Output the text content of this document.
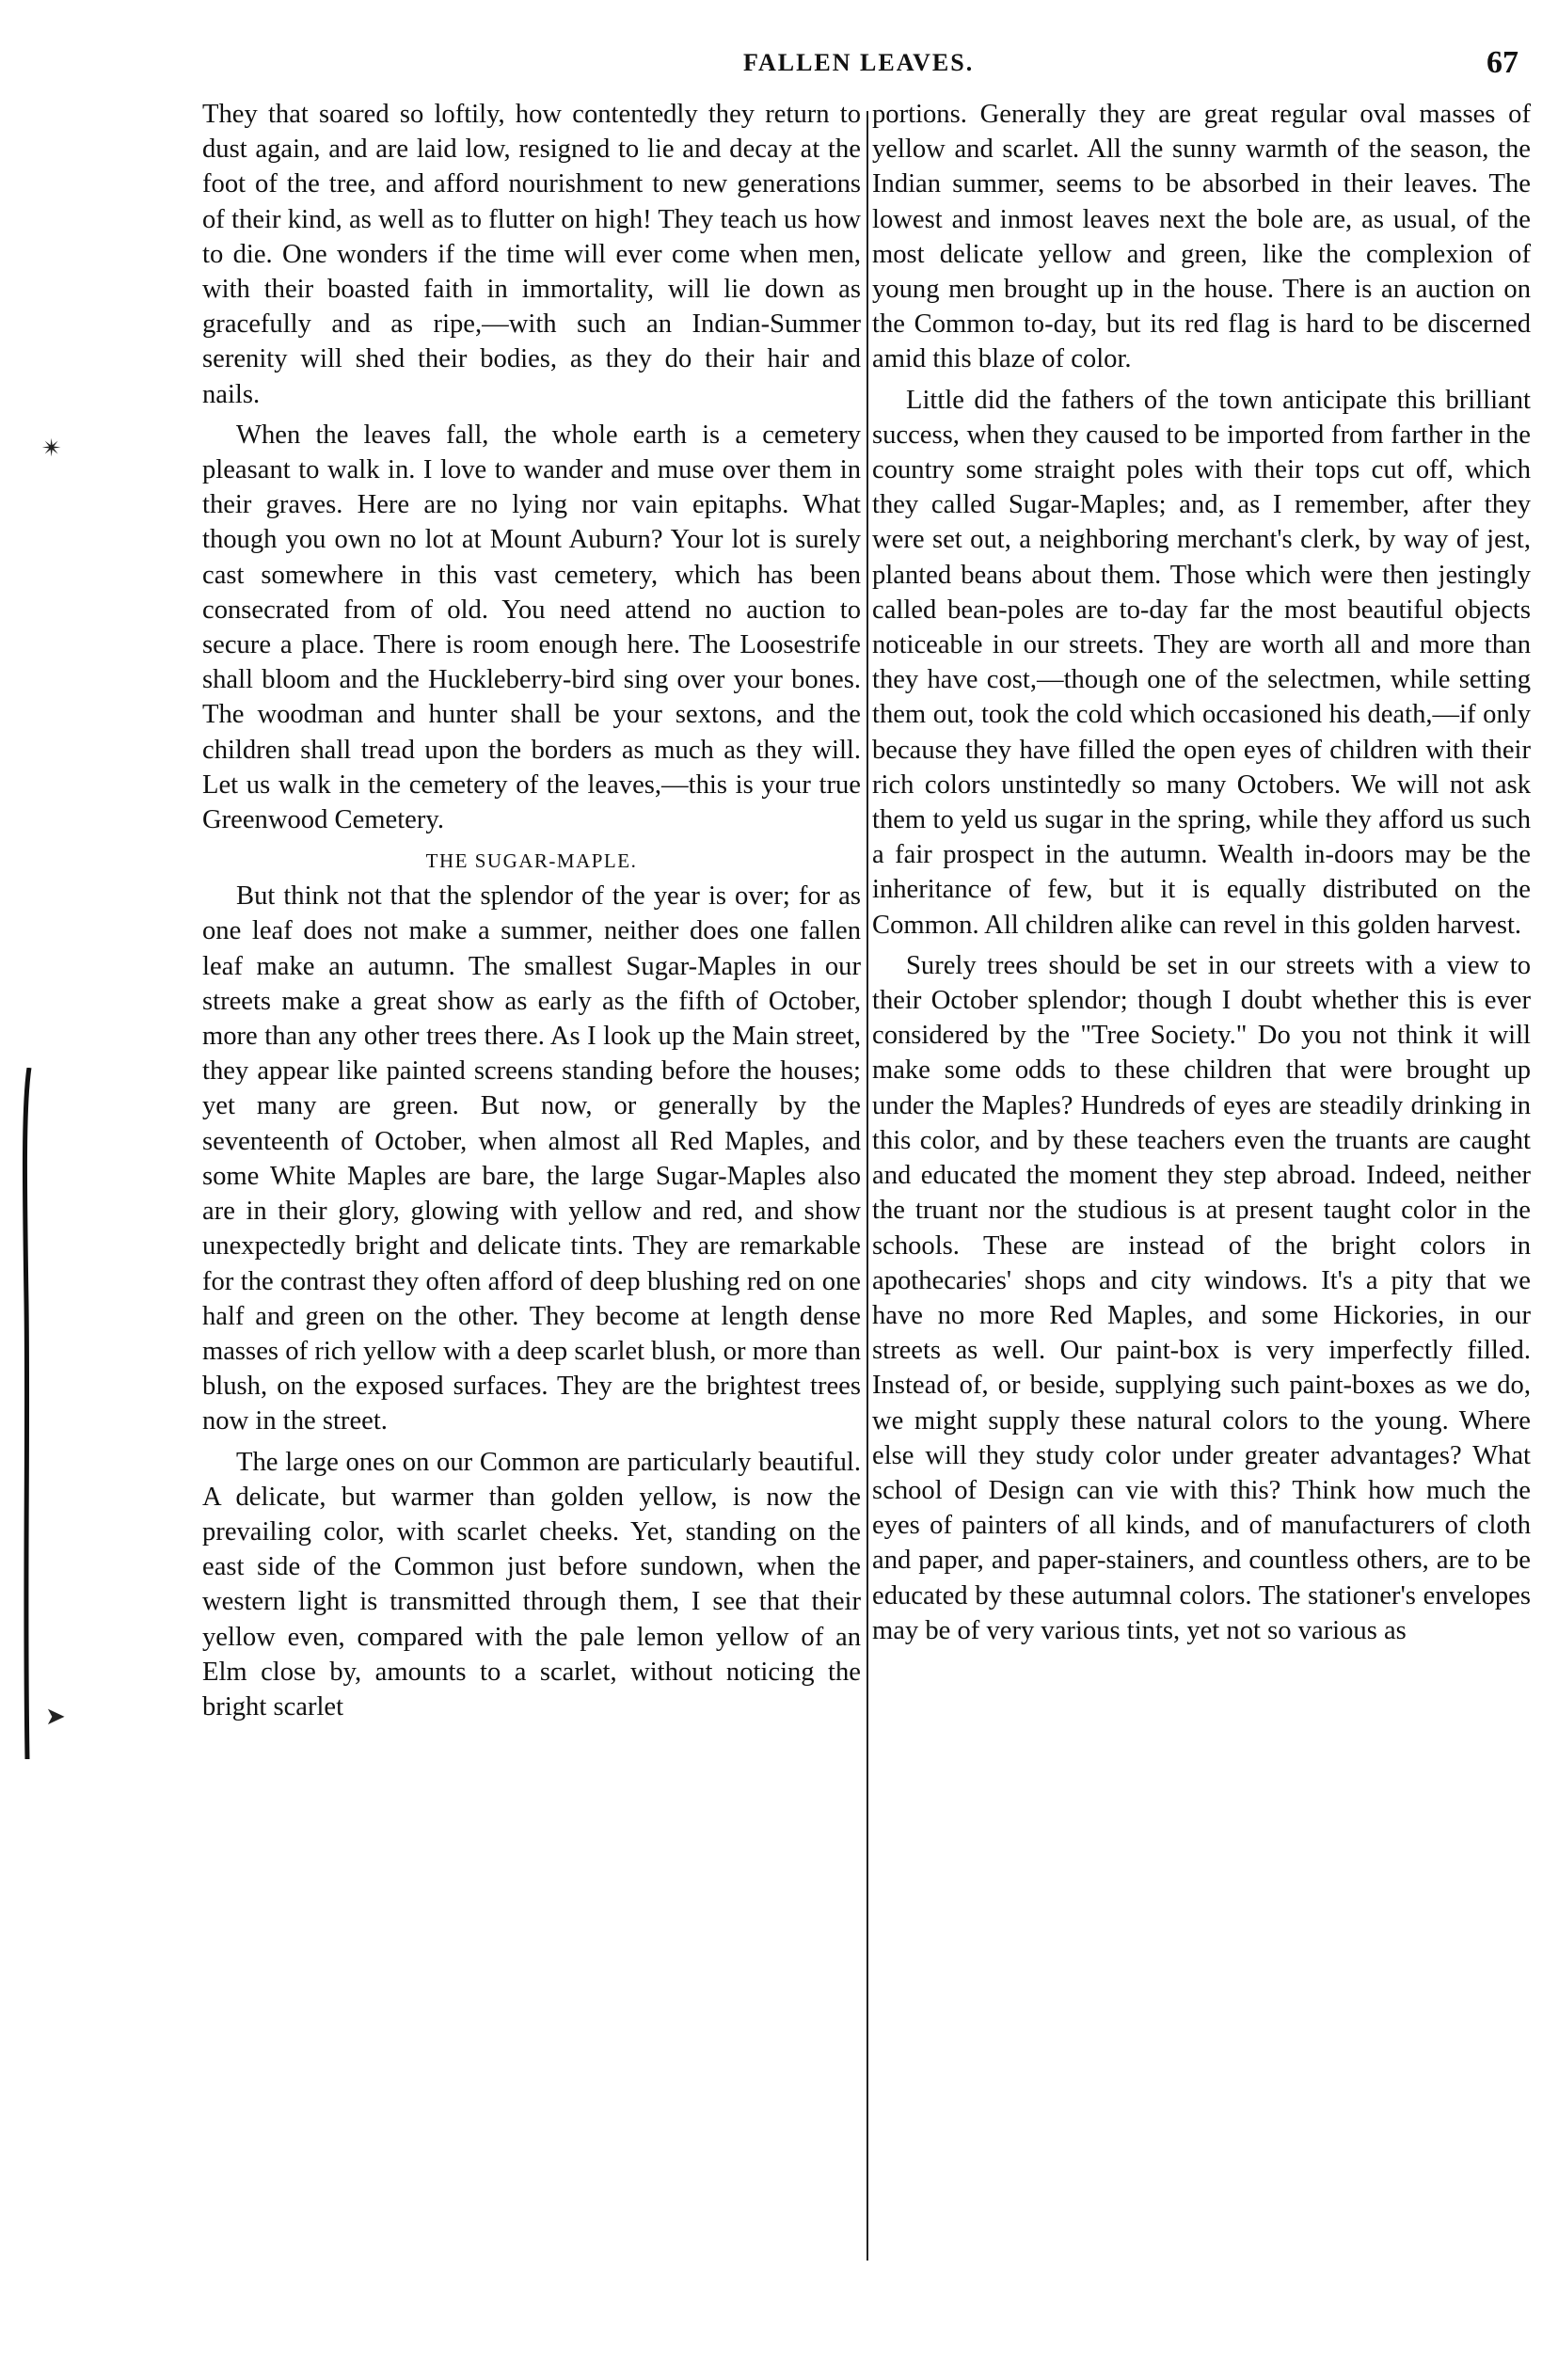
FALLEN LEAVES.	67

They that soared so loftily, how contentedly they return to dust again, and are laid low, resigned to lie and decay at the foot of the tree, and afford nourishment to new generations of their kind, as well as to flutter on high! They teach us how to die. One wonders if the time will ever come when men, with their boasted faith in immortality, will lie down as gracefully and as ripe,—with such an Indian-Summer serenity will shed their bodies, as they do their hair and nails.

When the leaves fall, the whole earth is a cemetery pleasant to walk in. I love to wander and muse over them in their graves. Here are no lying nor vain epitaphs. What though you own no lot at Mount Auburn? Your lot is surely cast somewhere in this vast cemetery, which has been consecrated from of old. You need attend no auction to secure a place. There is room enough here. The Loosestrife shall bloom and the Huckleberry-bird sing over your bones. The woodman and hunter shall be your sextons, and the children shall tread upon the borders as much as they will. Let us walk in the cemetery of the leaves,—this is your true Greenwood Cemetery.

THE SUGAR-MAPLE.

But think not that the splendor of the year is over; for as one leaf does not make a summer, neither does one fallen leaf make an autumn. The smallest Sugar-Maples in our streets make a great show as early as the fifth of October, more than any other trees there. As I look up the Main street, they appear like painted screens standing before the houses; yet many are green. But now, or generally by the seventeenth of October, when almost all Red Maples, and some White Maples are bare, the large Sugar-Maples also are in their glory, glowing with yellow and red, and show unexpectedly bright and delicate tints. They are remarkable for the contrast they often afford of deep blushing red on one half and green on the other. They become at length dense masses of rich yellow with a deep scarlet blush, or more than blush, on the exposed surfaces. They are the brightest trees now in the street.

The large ones on our Common are particularly beautiful. A delicate, but warmer than golden yellow, is now the prevailing color, with scarlet cheeks. Yet, standing on the east side of the Common just before sundown, when the western light is transmitted through them, I see that their yellow even, compared with the pale lemon yellow of an Elm close by, amounts to a scarlet, without noticing the bright scarlet

portions. Generally they are great regular oval masses of yellow and scarlet. All the sunny warmth of the season, the Indian summer, seems to be absorbed in their leaves. The lowest and inmost leaves next the bole are, as usual, of the most delicate yellow and green, like the complexion of young men brought up in the house. There is an auction on the Common to-day, but its red flag is hard to be discerned amid this blaze of color.

Little did the fathers of the town anticipate this brilliant success, when they caused to be imported from farther in the country some straight poles with their tops cut off, which they called Sugar-Maples; and, as I remember, after they were set out, a neighboring merchant's clerk, by way of jest, planted beans about them. Those which were then jestingly called bean-poles are to-day far the most beautiful objects noticeable in our streets. They are worth all and more than they have cost,—though one of the selectmen, while setting them out, took the cold which occasioned his death,—if only because they have filled the open eyes of children with their rich colors unstintedly so many Octobers. We will not ask them to yeld us sugar in the spring, while they afford us such a fair prospect in the autumn. Wealth in-doors may be the inheritance of few, but it is equally distributed on the Common. All children alike can revel in this golden harvest.

Surely trees should be set in our streets with a view to their October splendor; though I doubt whether this is ever considered by the "Tree Society." Do you not think it will make some odds to these children that were brought up under the Maples? Hundreds of eyes are steadily drinking in this color, and by these teachers even the truants are caught and educated the moment they step abroad. Indeed, neither the truant nor the studious is at present taught color in the schools. These are instead of the bright colors in apothecaries' shops and city windows. It's a pity that we have no more Red Maples, and some Hickories, in our streets as well. Our paint-box is very imperfectly filled. Instead of, or beside, supplying such paint-boxes as we do, we might supply these natural colors to the young. Where else will they study color under greater advantages? What school of Design can vie with this? Think how much the eyes of painters of all kinds, and of manufacturers of cloth and paper, and paper-stainers, and countless others, are to be educated by these autumnal colors. The stationer's envelopes may be of very various tints, yet not so various as

✴
➤
